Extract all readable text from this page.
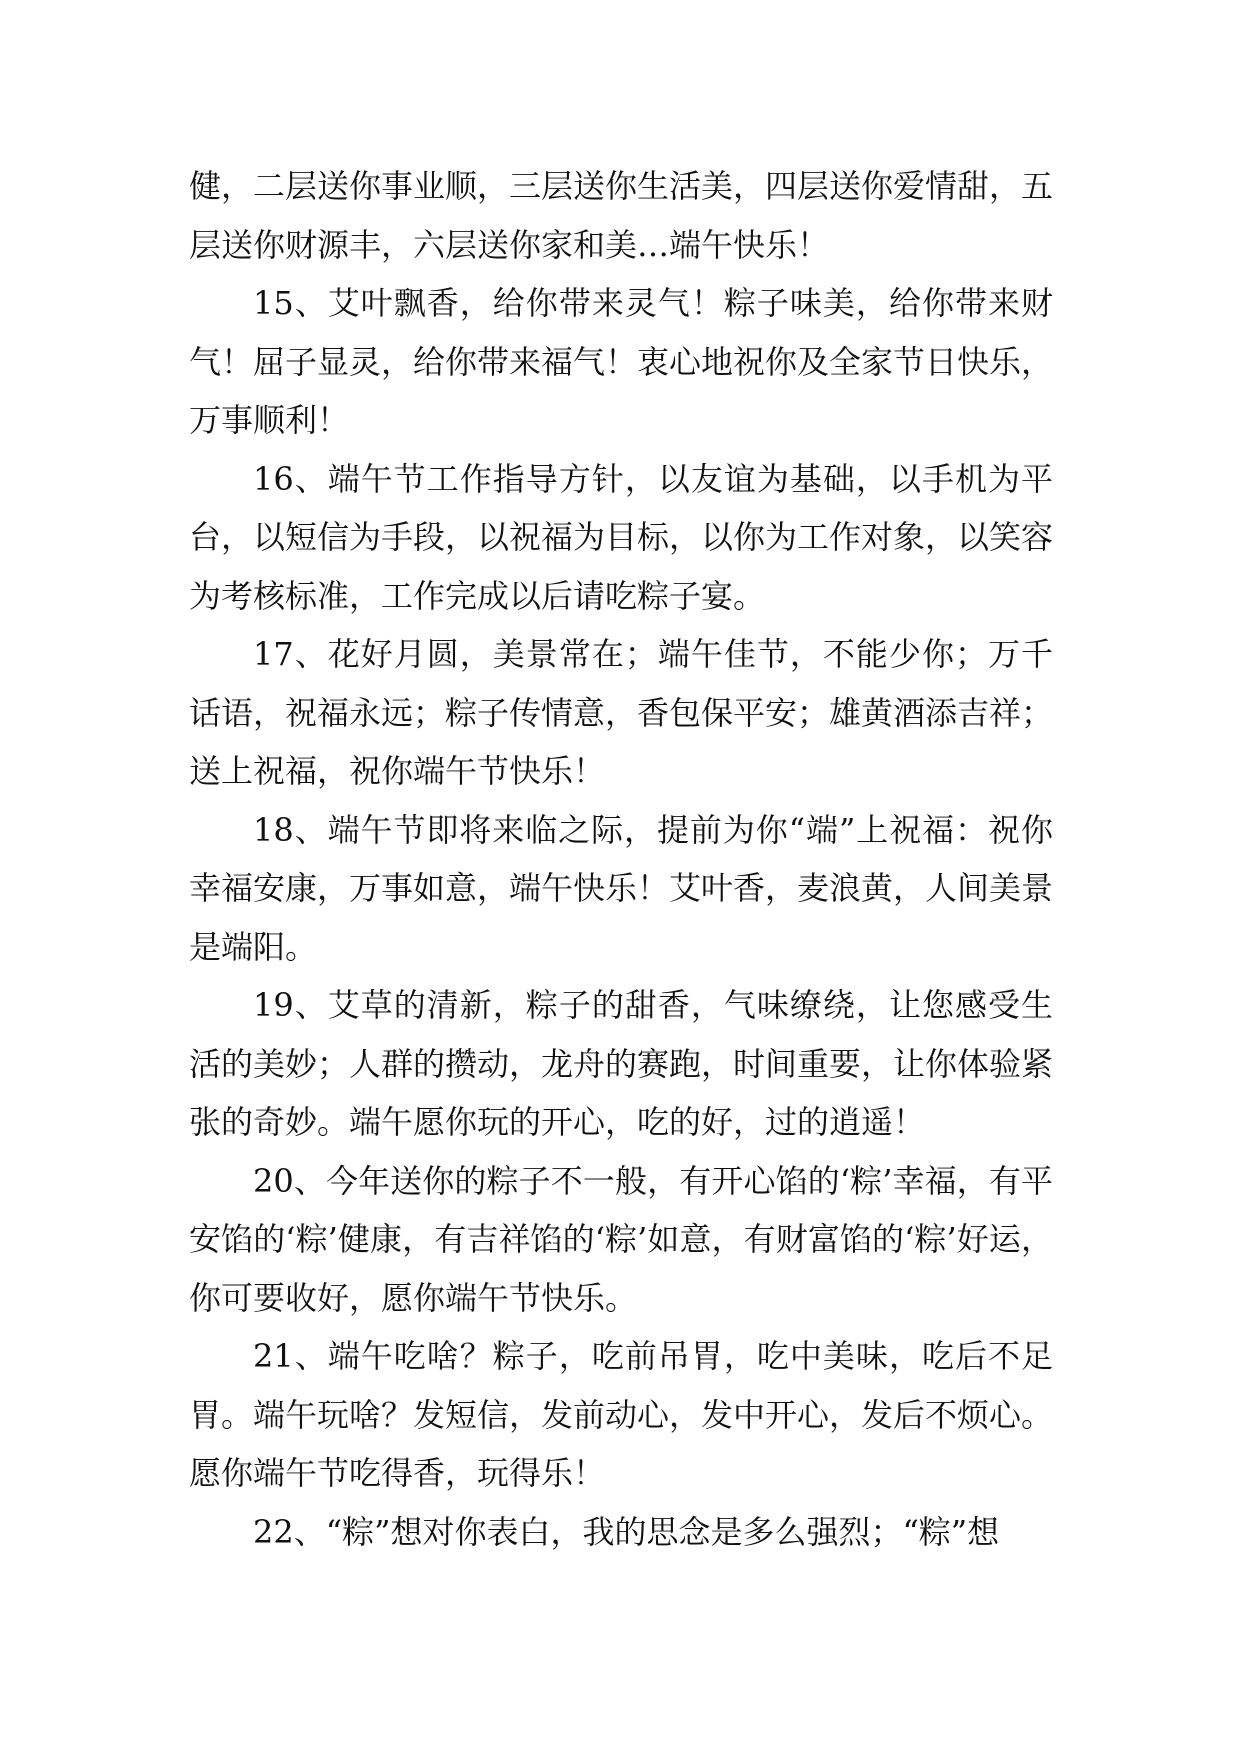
健，二层送你事业顺，三层送你生活美，四层送你爱情甜，五层送你财源丰，六层送你家和美…端午快乐！

15、艾叶飘香，给你带来灵气！粽子味美，给你带来财气！屈子显灵，给你带来福气！衷心地祝你及全家节日快乐，万事顺利！

16、端午节工作指导方针，以友谊为基础，以手机为平台，以短信为手段，以祝福为目标，以你为工作对象，以笑容为考核标准，工作完成以后请吃粽子宴。

17、花好月圆，美景常在；端午佳节，不能少你；万千话语，祝福永远；粽子传情意，香包保平安；雄黄酒添吉祥；送上祝福，祝你端午节快乐！

18、端午节即将来临之际，提前为你“端”上祝福：祝你幸福安康，万事如意，端午快乐！艾叶香，麦浪黄，人间美景是端阳。

19、艾草的清新，粽子的甜香，气味缭绕，让您感受生活的美妙；人群的攒动，龙舟的赛跑，时间重要，让你体验紧张的奇妙。端午愿你玩的开心，吃的好，过的逍遥！

20、今年送你的粽子不一般，有开心馅的‘粽’幸福，有平安馅的‘粽’健康，有吉祥馅的‘粽’如意，有财富馅的‘粽’好运，你可要收好，愿你端午节快乐。

21、端午吃啥？粽子，吃前吊胃，吃中美味，吃后不足胃。端午玩啥？发短信，发前动心，发中开心，发后不烦心。愿你端午节吃得香，玩得乐！

22、“粽”想对你表白，我的思念是多么强烈；“粽”想
